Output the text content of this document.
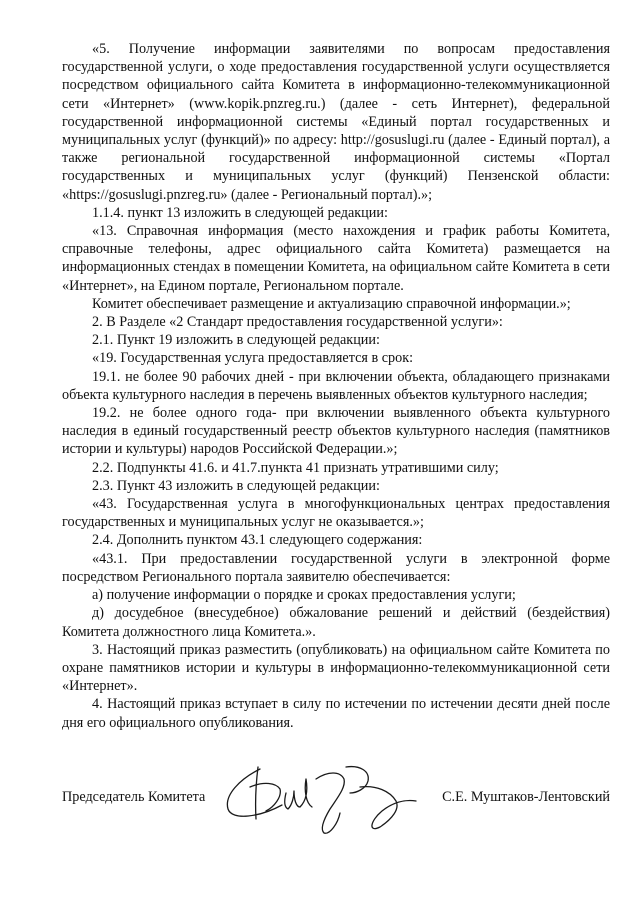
«5. Получение информации заявителями по вопросам предоставления государственной услуги, о ходе предоставления государственной услуги осуществляется посредством официального сайта Комитета в информационно-телекоммуникационной сети «Интернет» (www.kopik.pnzreg.ru.) (далее - сеть Интернет), федеральной государственной информационной системы «Единый портал государственных и муниципальных услуг (функций)» по адресу: http://gosuslugi.ru (далее - Единый портал), а также региональной государственной информационной системы «Портал государственных и муниципальных услуг (функций) Пензенской области: «https://gosuslugi.pnzreg.ru» (далее - Региональный портал).»;

1.1.4. пункт 13 изложить в следующей редакции:

«13. Справочная информация (место нахождения и график работы Комитета, справочные телефоны, адрес официального сайта Комитета) размещается на информационных стендах в помещении Комитета, на официальном сайте Комитета в сети «Интернет», на Едином портале, Региональном портале.

Комитет обеспечивает размещение и актуализацию справочной информации.»;

2. В Разделе «2 Стандарт предоставления государственной услуги»:

2.1. Пункт 19 изложить в следующей редакции:

«19. Государственная услуга предоставляется в срок:

19.1. не более 90 рабочих дней - при включении объекта, обладающего признаками объекта культурного наследия в перечень выявленных объектов культурного наследия;

19.2. не более одного года- при включении выявленного объекта культурного наследия в единый государственный реестр объектов культурного наследия (памятников истории и культуры) народов Российской Федерации.»;

2.2. Подпункты 41.6. и 41.7.пункта 41 признать утратившими силу;

2.3. Пункт 43 изложить в следующей редакции:

«43. Государственная услуга в многофункциональных центрах предоставления государственных и муниципальных услуг не оказывается.»;

2.4. Дополнить пунктом 43.1 следующего содержания:

«43.1. При предоставлении государственной услуги в электронной форме посредством Регионального портала заявителю обеспечивается:

а) получение информации о порядке и сроках предоставления услуги;

д) досудебное (внесудебное) обжалование решений и действий (бездействия) Комитета должностного лица Комитета.».

3. Настоящий приказ разместить (опубликовать) на официальном сайте Комитета по охране памятников истории и культуры в информационно-телекоммуникационной сети «Интернет».

4. Настоящий приказ вступает в силу по истечении по истечении десяти дней после дня его официального опубликования.

Председатель Комитета	С.Е. Муштаков-Лентовский
